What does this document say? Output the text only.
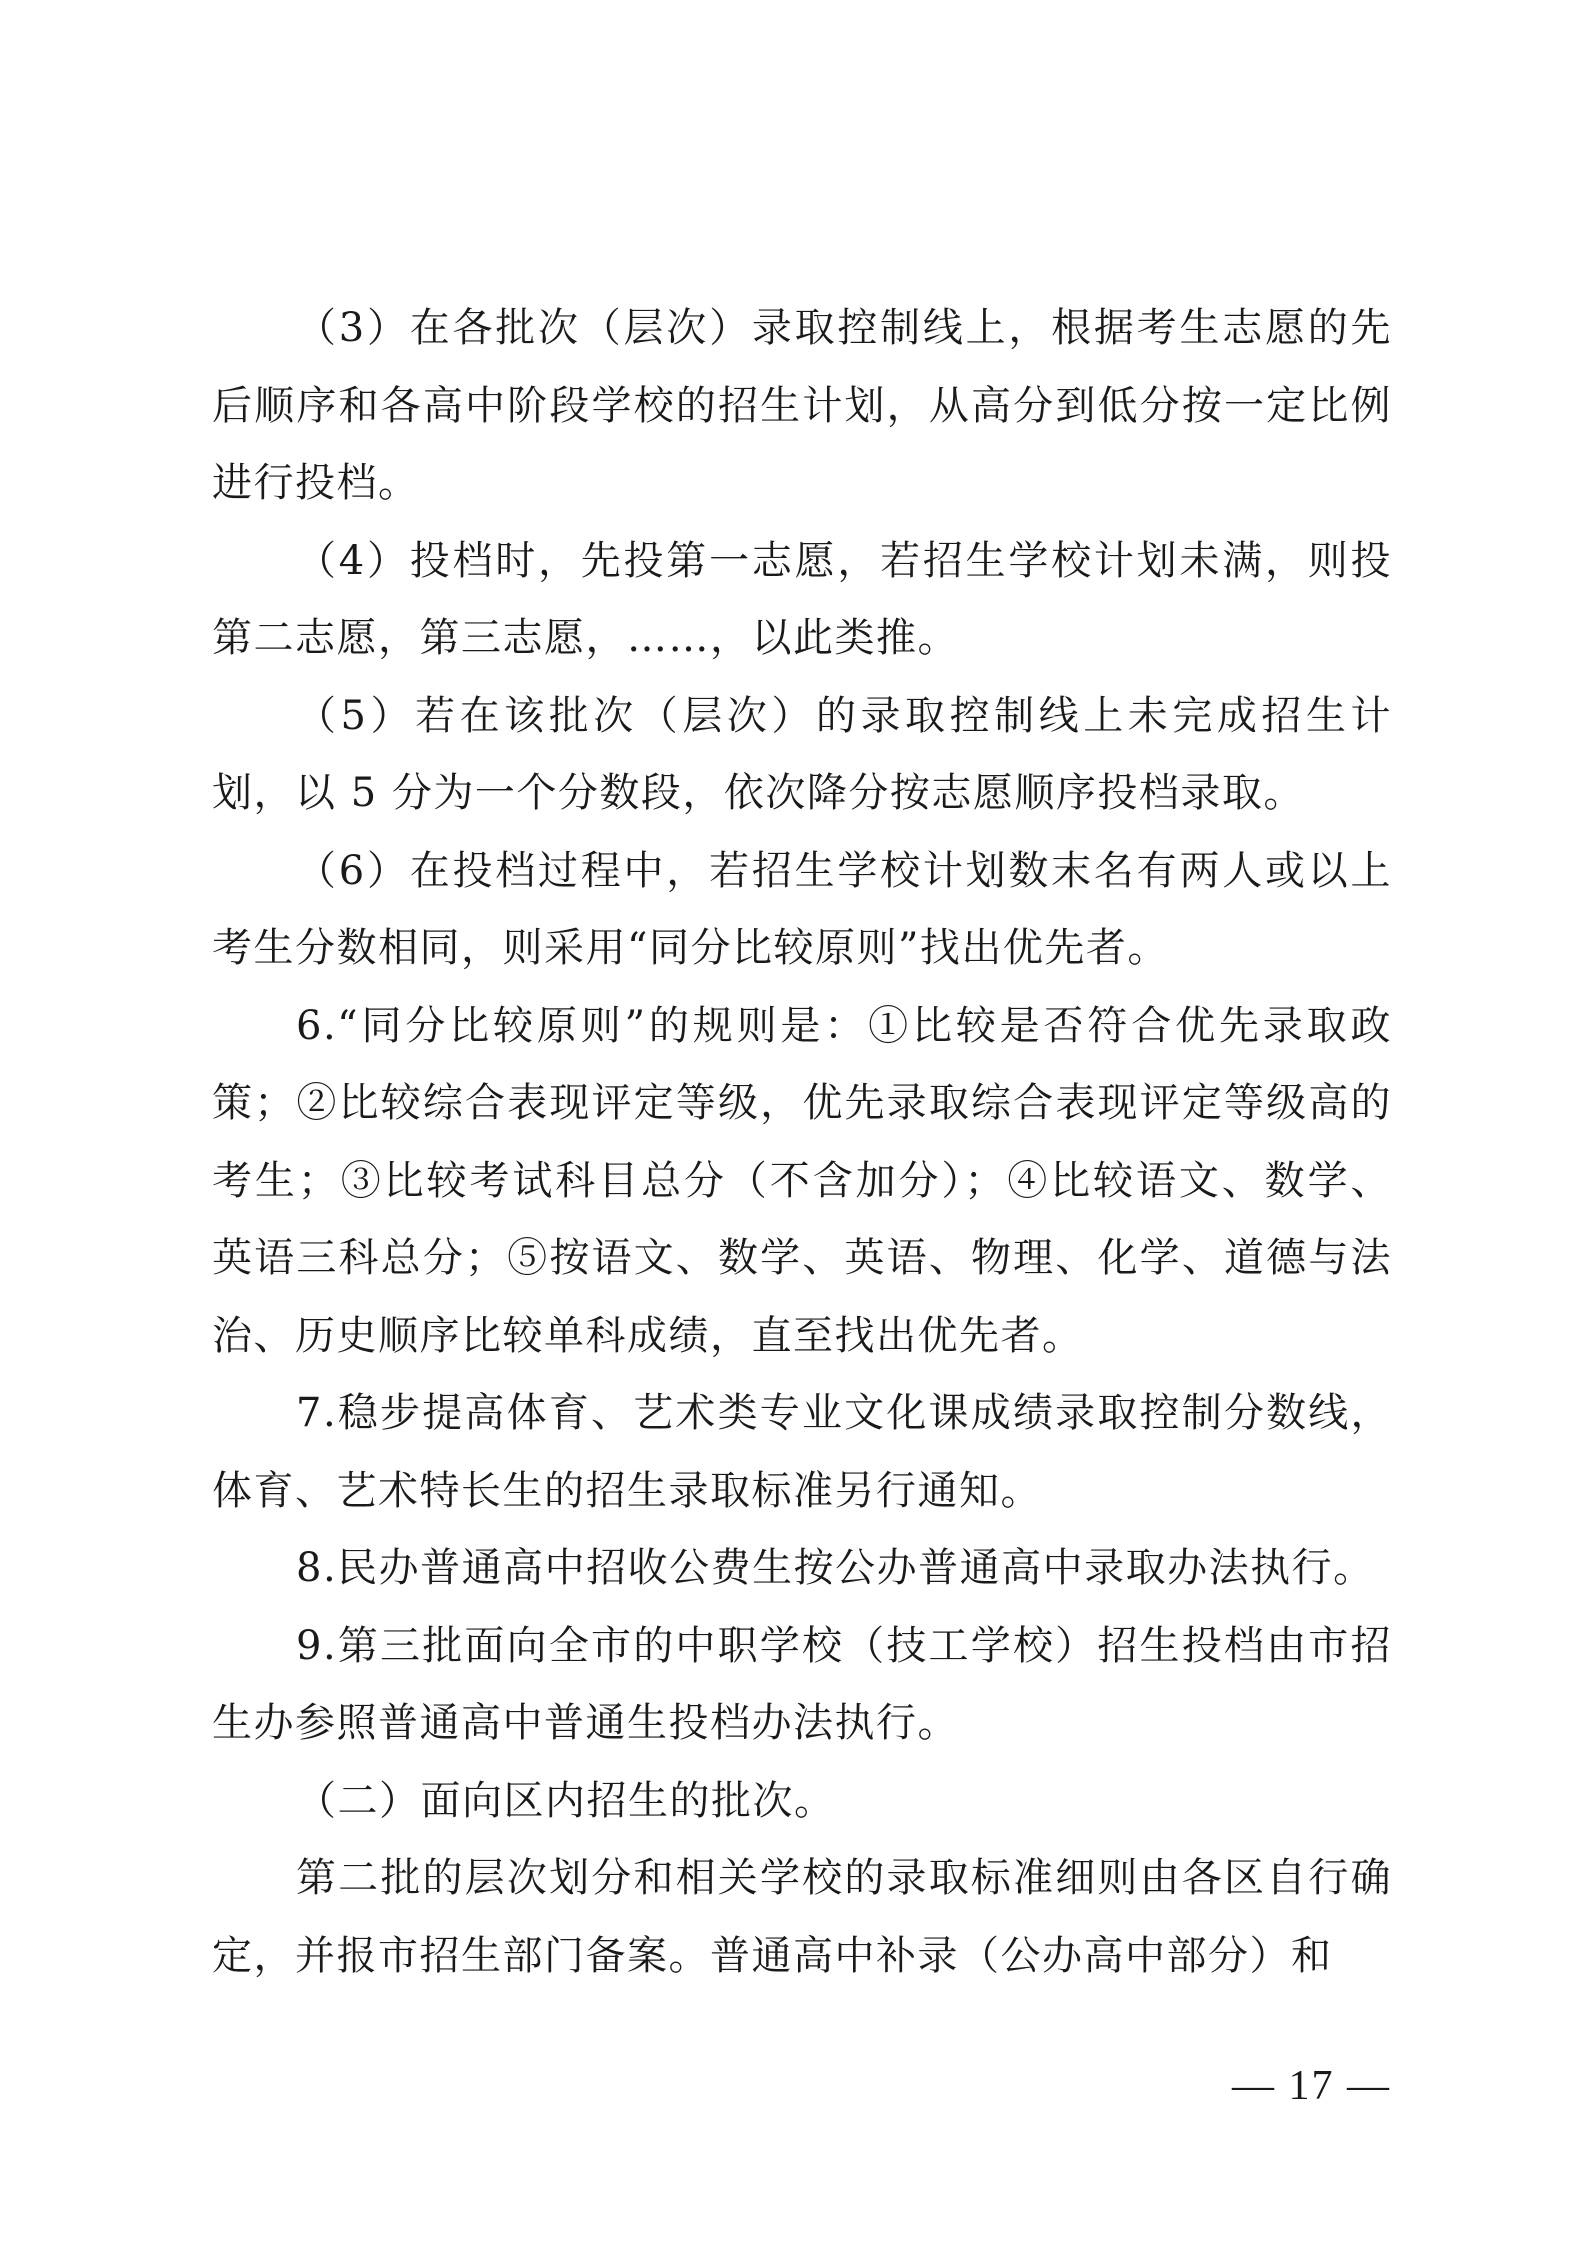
（3）在各批次（层次）录取控制线上，根据考生志愿的先后顺序和各高中阶段学校的招生计划，从高分到低分按一定比例进行投档。

（4）投档时，先投第一志愿，若招生学校计划未满，则投第二志愿，第三志愿，……，以此类推。

（5）若在该批次（层次）的录取控制线上未完成招生计划，以 5 分为一个分数段，依次降分按志愿顺序投档录取。

（6）在投档过程中，若招生学校计划数末名有两人或以上考生分数相同，则采用“同分比较原则”找出优先者。

6.“同分比较原则”的规则是：①比较是否符合优先录取政策；②比较综合表现评定等级，优先录取综合表现评定等级高的考生；③比较考试科目总分（不含加分）；④比较语文、数学、英语三科总分；⑤按语文、数学、英语、物理、化学、道德与法治、历史顺序比较单科成绩，直至找出优先者。

7.稳步提高体育、艺术类专业文化课成绩录取控制分数线，体育、艺术特长生的招生录取标准另行通知。

8.民办普通高中招收公费生按公办普通高中录取办法执行。

9.第三批面向全市的中职学校（技工学校）招生投档由市招生办参照普通高中普通生投档办法执行。

（二）面向区内招生的批次。

第二批的层次划分和相关学校的录取标准细则由各区自行确定，并报市招生部门备案。普通高中补录（公办高中部分）和

— 17 —
